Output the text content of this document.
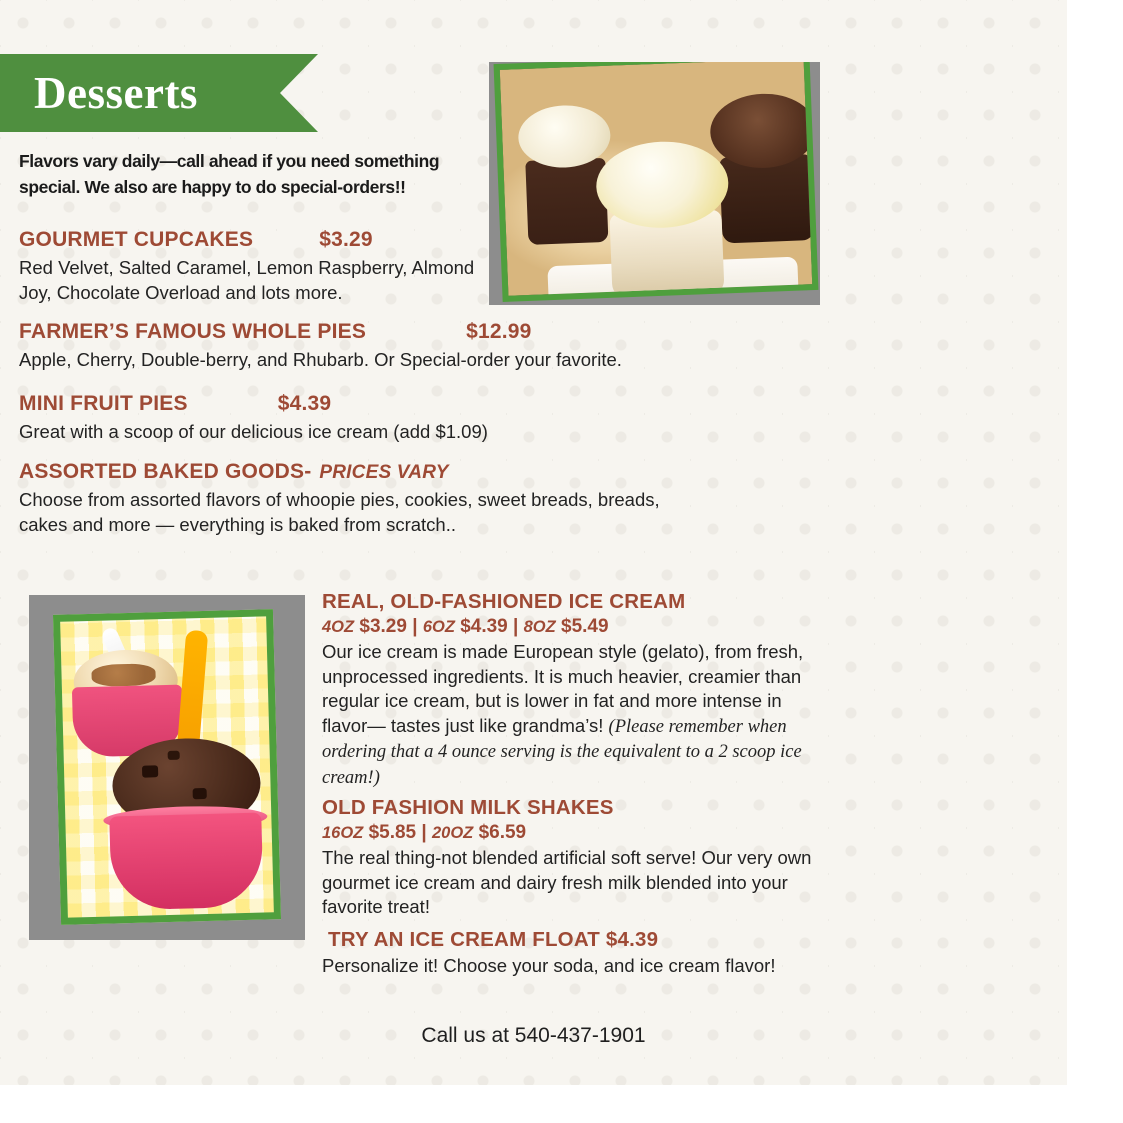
Desserts
Flavors vary daily—call ahead if you need something special. We also are happy to do special-orders!!
GOURMET CUPCAKES	$3.29
Red Velvet, Salted Caramel, Lemon Raspberry, Almond Joy, Chocolate Overload and lots more.
FARMER’S FAMOUS WHOLE PIES	$12.99
Apple, Cherry, Double-berry, and Rhubarb. Or Special-order your favorite.
MINI FRUIT PIES	$4.39
Great with a scoop of our delicious ice cream (add $1.09)
ASSORTED BAKED GOODS- PRICES VARY
Choose from assorted flavors of whoopie pies, cookies, sweet breads, breads, cakes and more — everything is baked from scratch..
REAL, OLD-FASHIONED ICE CREAM
4OZ $3.29 | 6OZ $4.39 | 8OZ $5.49
Our ice cream is made European style (gelato), from fresh, unprocessed ingredients. It is much heavier, creamier than regular ice cream, but is lower in fat and more intense in flavor— tastes just like grandma’s! (Please remember when ordering that a 4 ounce serving is the equivalent to a 2 scoop ice cream!)
OLD FASHION MILK SHAKES
16OZ $5.85 | 20OZ $6.59
The real thing-not blended artificial soft serve! Our very own gourmet ice cream and dairy fresh milk blended into your favorite treat!
TRY AN ICE CREAM FLOAT $4.39
Personalize it! Choose your soda, and ice cream flavor!
Call us at 540-437-1901
